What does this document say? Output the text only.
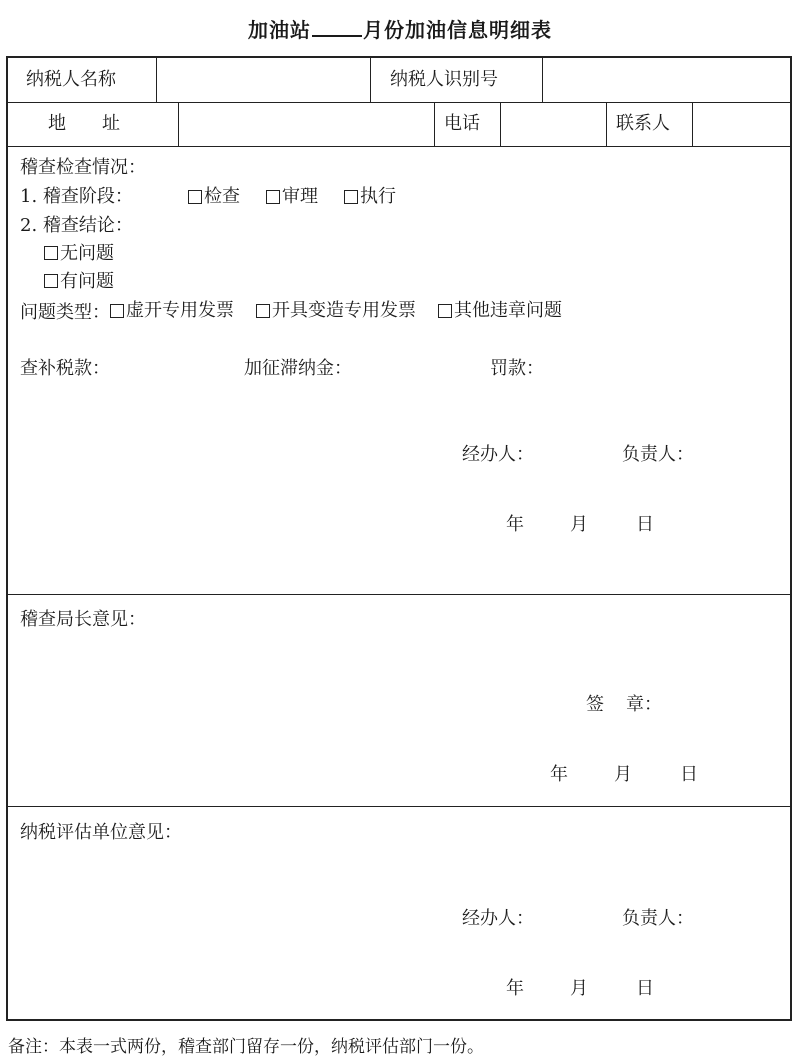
加油站	月份加油信息明细表
纳税人名称	纳税人识别号
地 址	电话	联系人
稽查检查情况：
1. 稽查阶段：	检查 审理 执行
2. 稽查结论：
无问题
有问题
问题类型： 虚开专用发票 开具变造专用发票 其他违章问题
查补税款：	加征滞纳金：	罚款：
经办人：	负责人：
年	月	日
稽查局长意见：
签 章：
年	月	日
纳税评估单位意见：
经办人：	负责人：
年	月	日
备注：本表一式两份，稽查部门留存一份，纳税评估部门一份。
